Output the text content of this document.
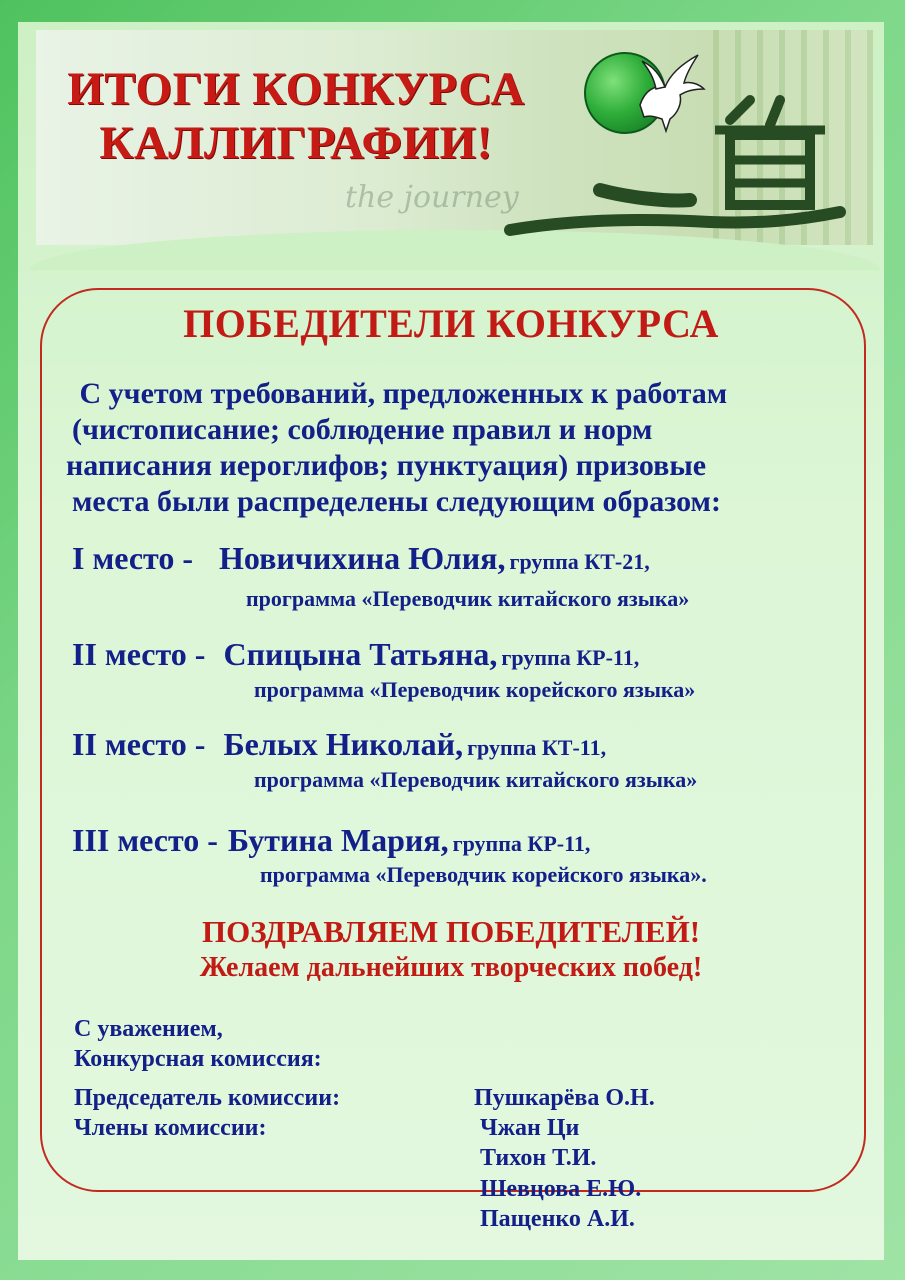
ИТОГИ КОНКУРСА
КАЛЛИГРАФИИ!
the journey
ПОБЕДИТЕЛИ КОНКУРСА
С учетом требований, предложенных к работам
(чистописание; соблюдение правил и норм
написания иероглифов; пунктуация) призовые
места были распределены следующим образом:
I место - Новичихина Юлия, группа КТ-21,
программа «Переводчик китайского языка»
II место - Спицына Татьяна, группа КР-11,
программа «Переводчик корейского языка»
II место - Белых Николай, группа КТ-11,
программа «Переводчик китайского языка»
III место - Бутина Мария, группа КР-11,
программа «Переводчик корейского языка».
ПОЗДРАВЛЯЕМ ПОБЕДИТЕЛЕЙ!
Желаем дальнейших творческих побед!
С уважением,
Конкурсная комиссия:
Председатель комиссии:	Пушкарёва О.Н.
Члены комиссии:	Чжан Ци
Тихон Т.И.
Шевцова Е.Ю.
Пащенко А.И.
